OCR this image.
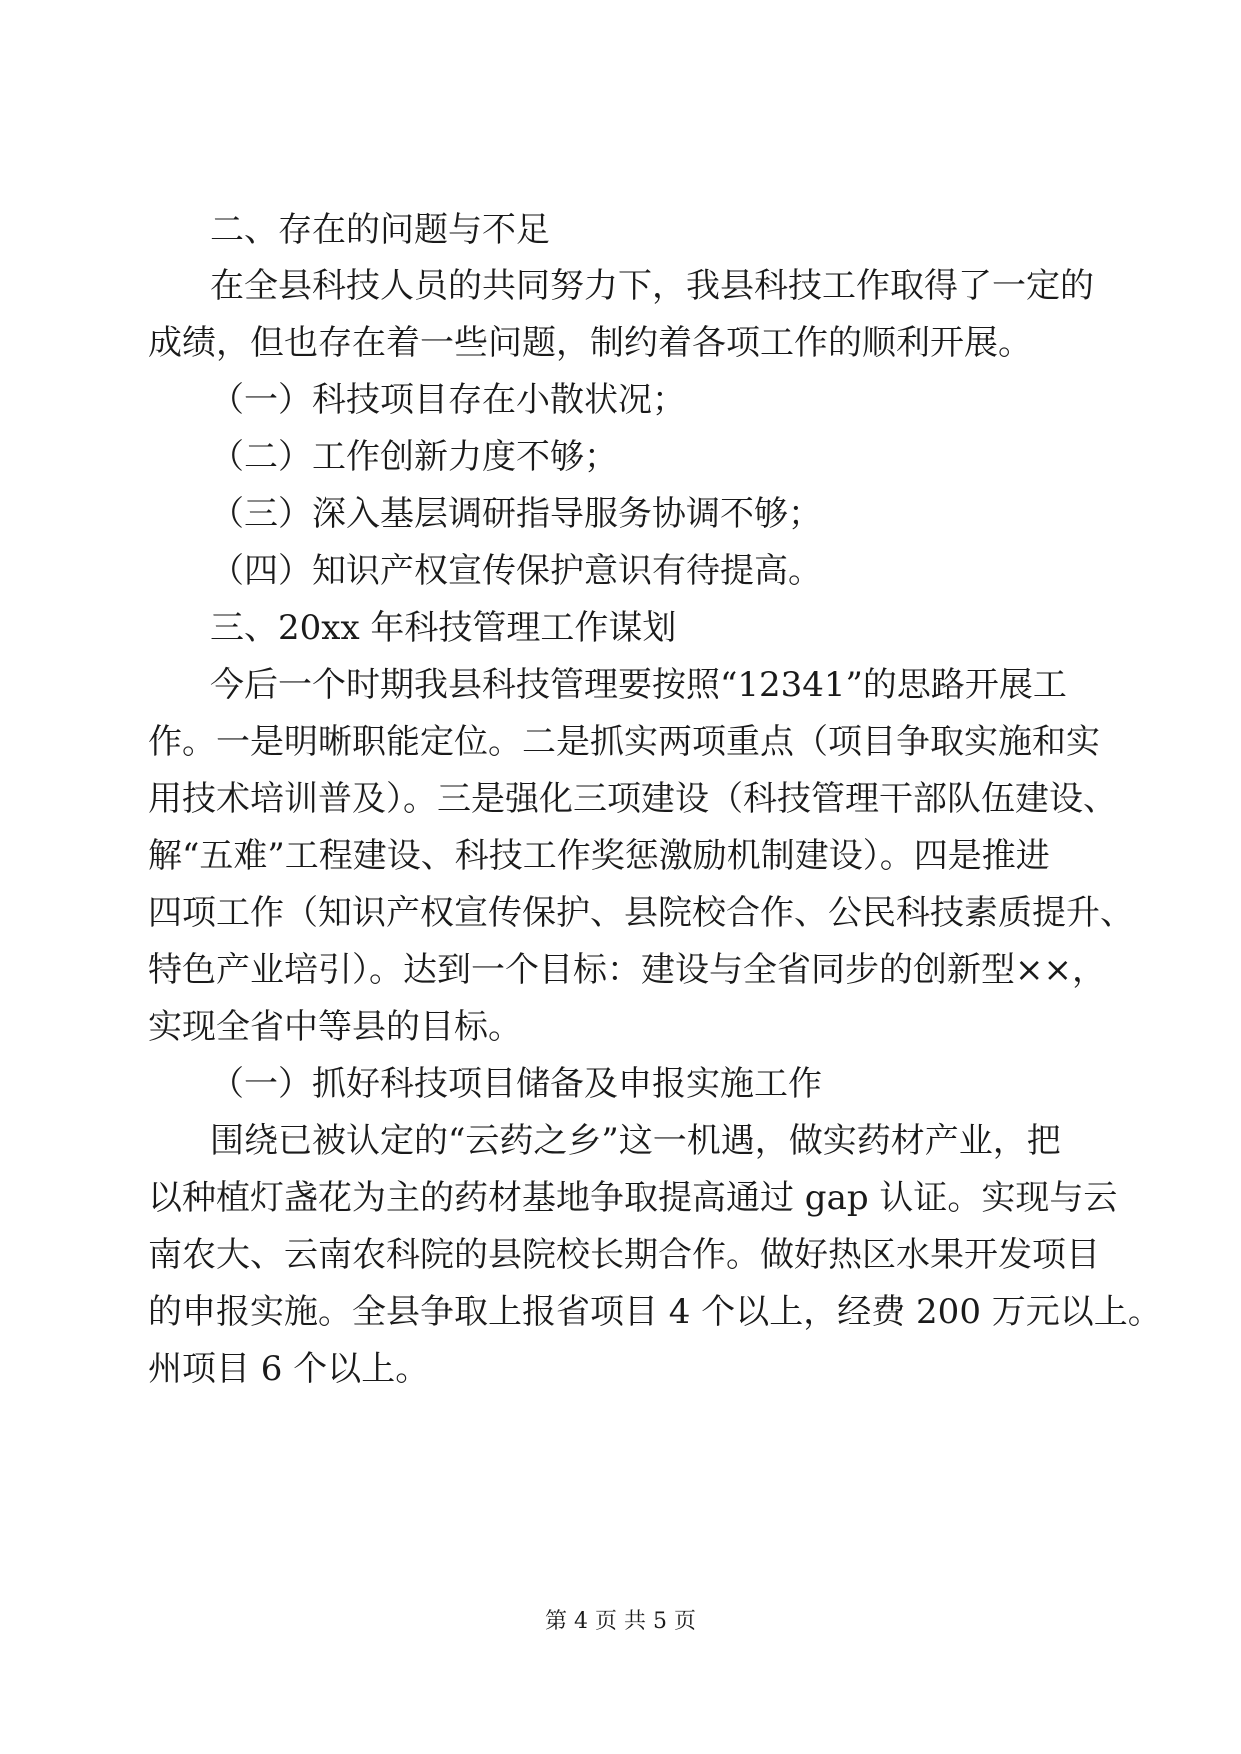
二、存在的问题与不足
在全县科技人员的共同努力下，我县科技工作取得了一定的
成绩，但也存在着一些问题，制约着各项工作的顺利开展。
（一）科技项目存在小散状况；
（二）工作创新力度不够；
（三）深入基层调研指导服务协调不够；
（四）知识产权宣传保护意识有待提高。
三、20xx 年科技管理工作谋划
今后一个时期我县科技管理要按照“12341”的思路开展工
作。一是明晰职能定位。二是抓实两项重点（项目争取实施和实
用技术培训普及）。三是强化三项建设（科技管理干部队伍建设、
解“五难”工程建设、科技工作奖惩激励机制建设）。四是推进
四项工作（知识产权宣传保护、县院校合作、公民科技素质提升、
特色产业培引）。达到一个目标：建设与全省同步的创新型××，
实现全省中等县的目标。
（一）抓好科技项目储备及申报实施工作
围绕已被认定的“云药之乡”这一机遇，做实药材产业，把
以种植灯盏花为主的药材基地争取提高通过 gap 认证。实现与云
南农大、云南农科院的县院校长期合作。做好热区水果开发项目
的申报实施。全县争取上报省项目 4 个以上，经费 200 万元以上。
州项目 6 个以上。
第 4 页 共 5 页
